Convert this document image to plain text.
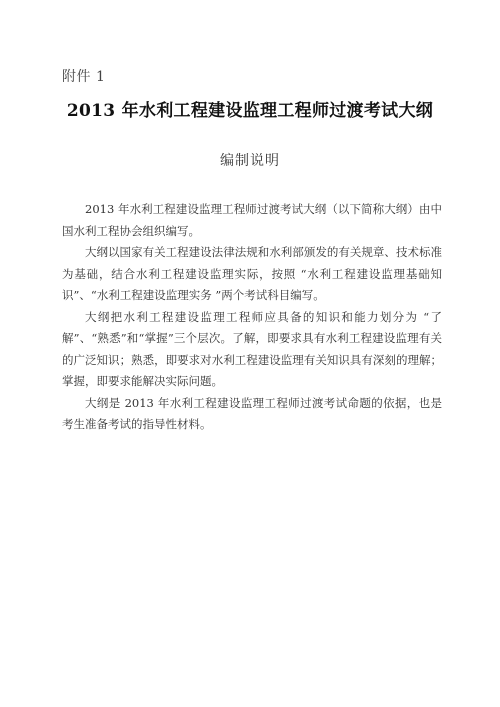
附件 1
2013 年水利工程建设监理工程师过渡考试大纲
编制说明

2013 年水利工程建设监理工程师过渡考试大纲（以下简称大纲）由中国水利工程协会组织编写。

大纲以国家有关工程建设法律法规和水利部颁发的有关规章、技术标准为基础，结合水利工程建设监理实际，按照 “水利工程建设监理基础知识”、“水利工程建设监理实务 ”两个考试科目编写。

大纲把水利工程建设监理工程师应具备的知识和能力划分为 “了解”、“熟悉”和“掌握”三个层次。了解，即要求具有水利工程建设监理有关的广泛知识；熟悉，即要求对水利工程建设监理有关知识具有深刻的理解；掌握，即要求能解决实际问题。

大纲是 2013 年水利工程建设监理工程师过渡考试命题的依据，也是考生准备考试的指导性材料。
